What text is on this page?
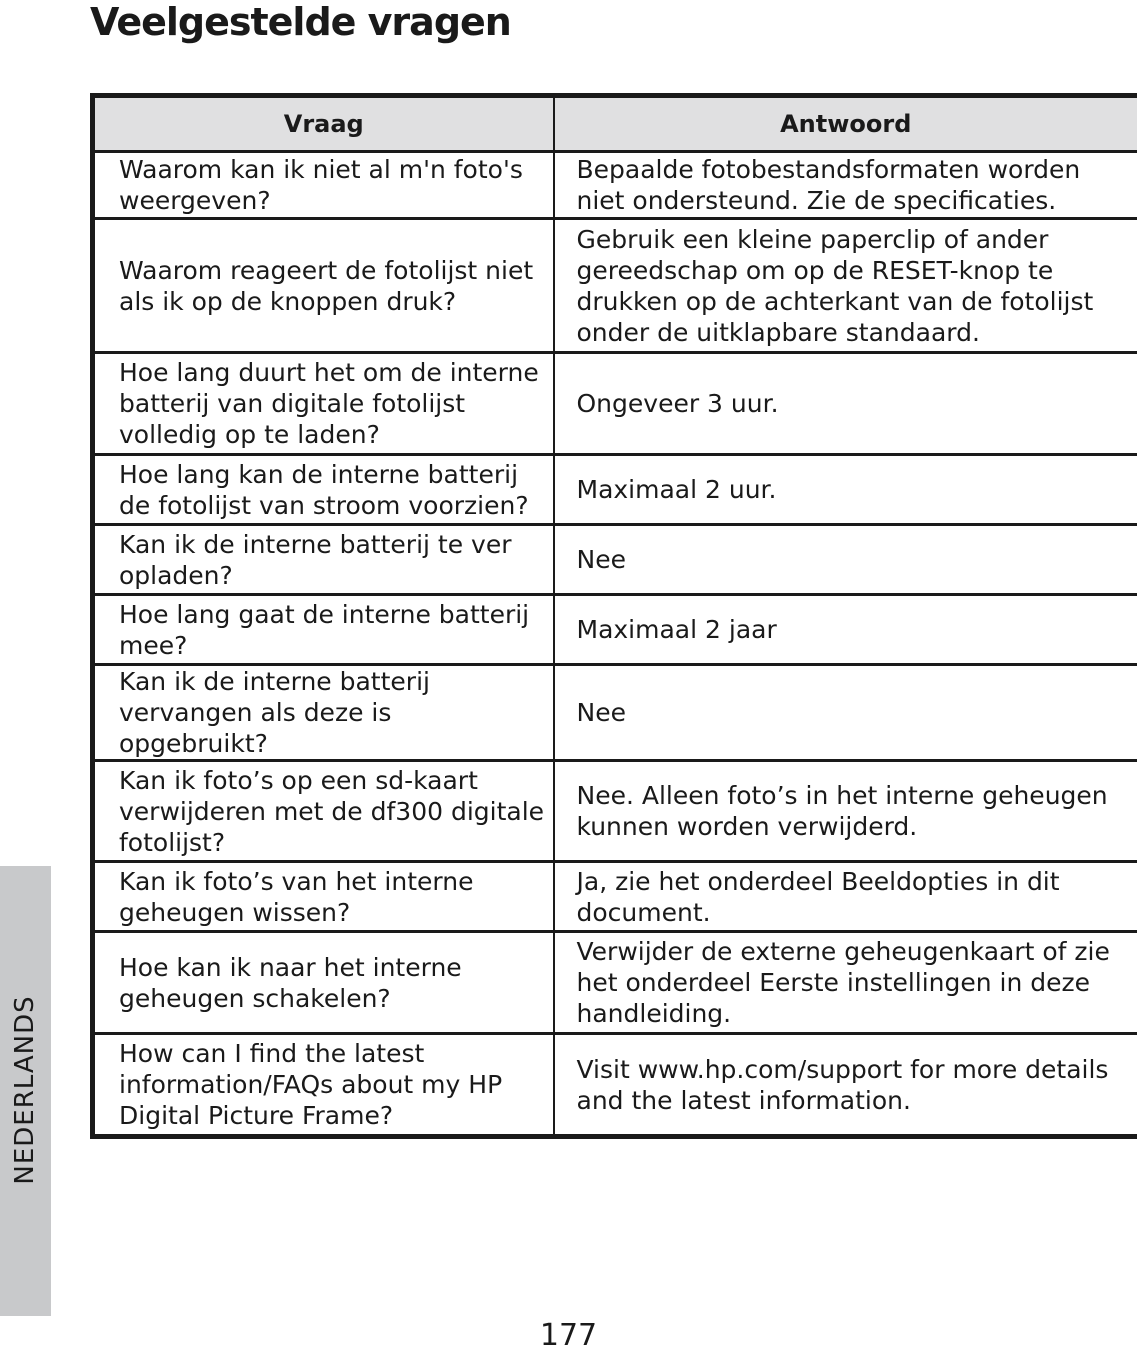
Veelgestelde vragen
NEDERLANDS
Vraag	Antwoord
Waarom kan ik niet al m'n foto's weergeven?	Bepaalde fotobestandsformaten worden niet ondersteund. Zie de specificaties.
Waarom reageert de fotolijst niet als ik op de knoppen druk?	Gebruik een kleine paperclip of ander gereedschap om op de RESET-knop te drukken op de achterkant van de fotolijst onder de uitklapbare standaard.
Hoe lang duurt het om de interne batterij van digitale fotolijst volledig op te laden?	Ongeveer 3 uur.
Hoe lang kan de interne batterij de fotolijst van stroom voorzien?	Maximaal 2 uur.
Kan ik de interne batterij te ver opladen?	Nee
Hoe lang gaat de interne batterij mee?	Maximaal 2 jaar
Kan ik de interne batterij vervangen als deze is opgebruikt?	Nee
Kan ik foto’s op een sd-kaart verwijderen met de df300 digitale fotolijst?	Nee. Alleen foto’s in het interne geheugen kunnen worden verwijderd.
Kan ik foto’s van het interne geheugen wissen?	Ja, zie het onderdeel Beeldopties in dit document.
Hoe kan ik naar het interne geheugen schakelen?	Verwijder de externe geheugenkaart of zie het onderdeel Eerste instellingen in deze handleiding.
How can I find the latest information/FAQs about my HP Digital Picture Frame?	Visit www.hp.com/support for more details and the latest information.
177
